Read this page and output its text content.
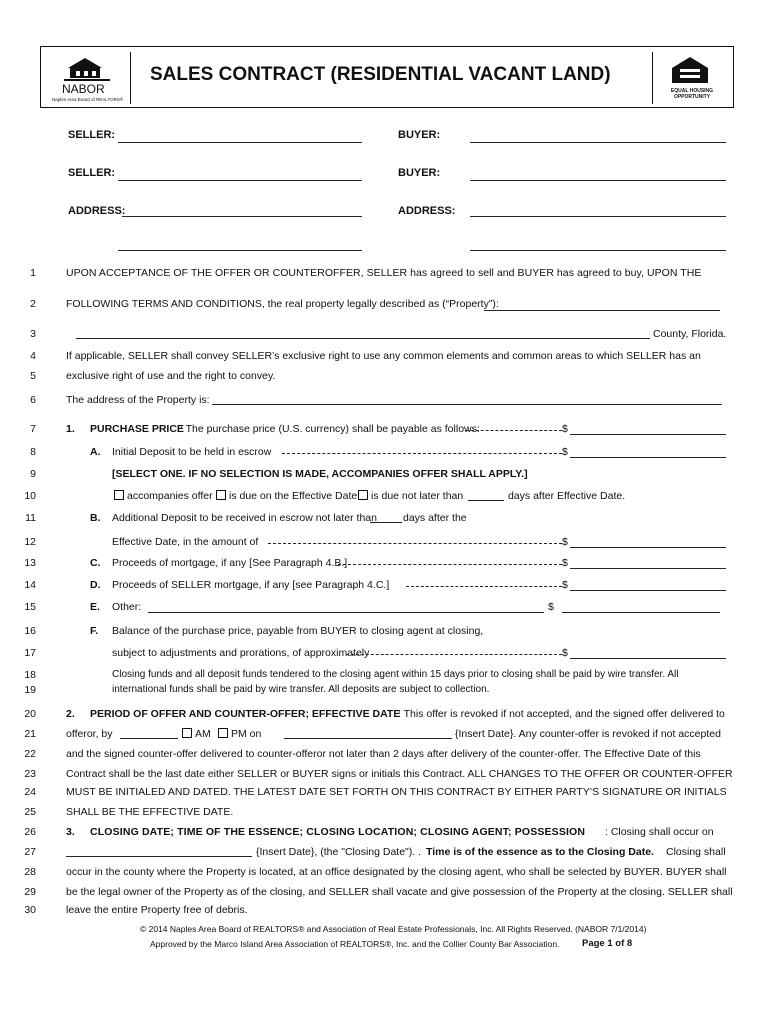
NABOR
Naples Area Board of REALTORS®
SALES CONTRACT (RESIDENTIAL VACANT LAND)
EQUAL HOUSING OPPORTUNITY
SELLER:	BUYER:
SELLER:	BUYER:
ADDRESS:	ADDRESS:
1
2
3
4
5
6
7
8
9
10
11
12
13
14
15
16
17
18
19
20
21
22
23
24
25
26
27
28
29
30
UPON ACCEPTANCE OF THE OFFER OR COUNTEROFFER, SELLER has agreed to sell and BUYER has agreed to buy, UPON THE
FOLLOWING TERMS AND CONDITIONS, the real property legally described as (“Property”):
County, Florida.
If applicable, SELLER shall convey SELLER’s exclusive right to use any common elements and common areas to which SELLER has an
exclusive right of use and the right to convey.
The address of the Property is:
1. PURCHASE PRICE
: The purchase price (U.S. currency) shall be payable as follows:	$
A. Initial Deposit to be held in escrow	$
[SELECT ONE. IF NO SELECTION IS MADE, ACCOMPANIES OFFER SHALL APPLY.]
accompanies offer	is due on the Effective Date	is due not later than	days after Effective Date.
B. Additional Deposit to be received in escrow not later than days after the
Effective Date, in the amount of	$
C. Proceeds of mortgage, if any [See Paragraph 4.B.]	$
D. Proceeds of SELLER mortgage, if any [see Paragraph 4.C.]	$
E. Other:	$
F. Balance of the purchase price, payable from BUYER to closing agent at closing,
subject to adjustments and prorations, of approximately	$
Closing funds and all deposit funds tendered to the closing agent within 15 days prior to closing shall be paid by wire transfer. All
international funds shall be paid by wire transfer. All deposits are subject to collection.
2. PERIOD OF OFFER AND COUNTER-OFFER; EFFECTIVE DATE
: This offer is revoked if not accepted, and the signed offer delivered to
offeror, by	AM	PM on	{Insert Date}. Any counter-offer is revoked if not accepted
and the signed counter-offer delivered to counter-offeror not later than 2 days after delivery of the counter-offer. The Effective Date of this
Contract shall be the last date either SELLER or BUYER signs or initials this Contract. ALL CHANGES TO THE OFFER OR COUNTER-OFFER
MUST BE INITIALED AND DATED. THE LATEST DATE SET FORTH ON THIS CONTRACT BY EITHER PARTY’S SIGNATURE OR INITIALS
SHALL BE THE EFFECTIVE DATE.
3. CLOSING DATE; TIME OF THE ESSENCE; CLOSING LOCATION; CLOSING AGENT; POSSESSION : Closing shall occur on
{Insert Date}, (the "Closing Date"). . Time is of the essence as to the Closing Date. Closing shall
occur in the county where the Property is located, at an office designated by the closing agent, who shall be selected by BUYER. BUYER shall
be the legal owner of the Property as of the closing, and SELLER shall vacate and give possession of the Property at the closing. SELLER shall
leave the entire Property free of debris.
© 2014 Naples Area Board of REALTORS® and Association of Real Estate Professionals, Inc. All Rights Reserved. (NABOR 7/1/2014)
Approved by the Marco Island Area Association of REALTORS®, Inc. and the Collier County Bar Association. Page 1 of 8
